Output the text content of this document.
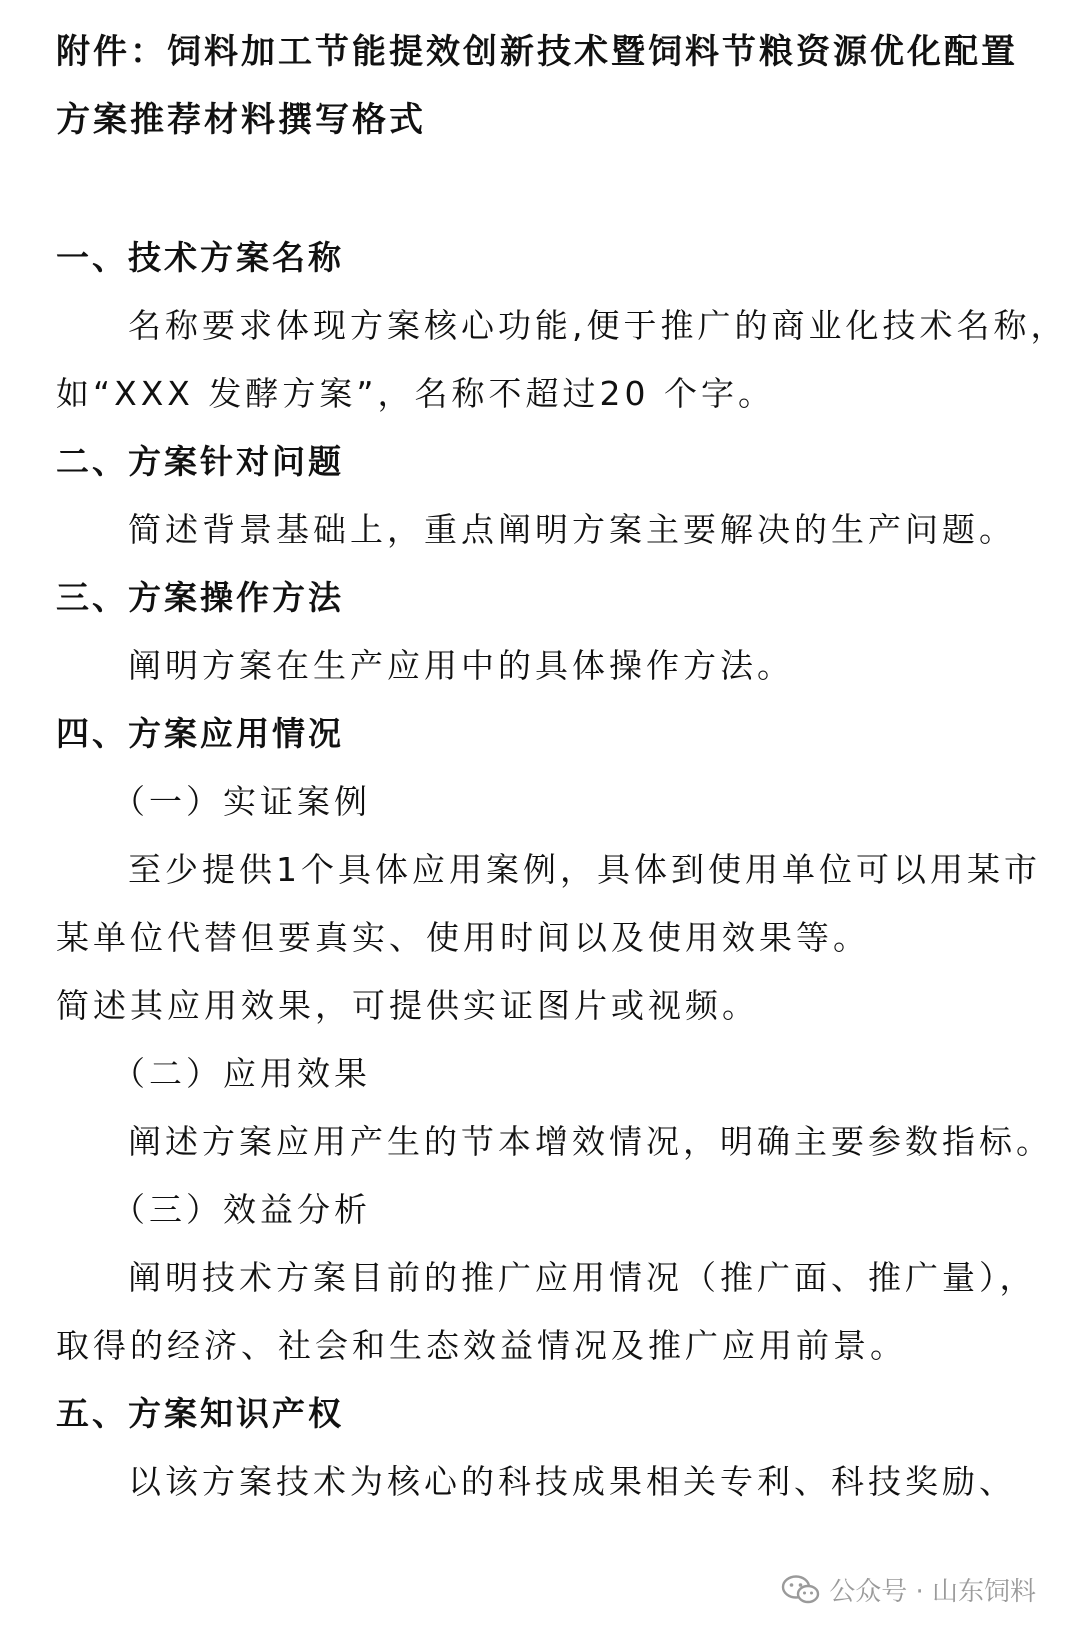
附件：饲料加工节能提效创新技术暨饲料节粮资源优化配置
方案推荐材料撰写格式
一、技术方案名称
名称要求体现方案核心功能,便于推广的商业化技术名称，
如“XXX 发酵方案”，名称不超过20 个字。
二、方案针对问题
简述背景基础上，重点阐明方案主要解决的生产问题。
三、方案操作方法
阐明方案在生产应用中的具体操作方法。
四、方案应用情况
（一）实证案例
至少提供1个具体应用案例，具体到使用单位可以用某市
某单位代替但要真实、使用时间以及使用效果等。
简述其应用效果，可提供实证图片或视频。
（二）应用效果
阐述方案应用产生的节本增效情况，明确主要参数指标。
（三）效益分析
阐明技术方案目前的推广应用情况（推广面、推广量），
取得的经济、社会和生态效益情况及推广应用前景。
五、方案知识产权
以该方案技术为核心的科技成果相关专利、科技奖励、
公众号 · 山东饲料
